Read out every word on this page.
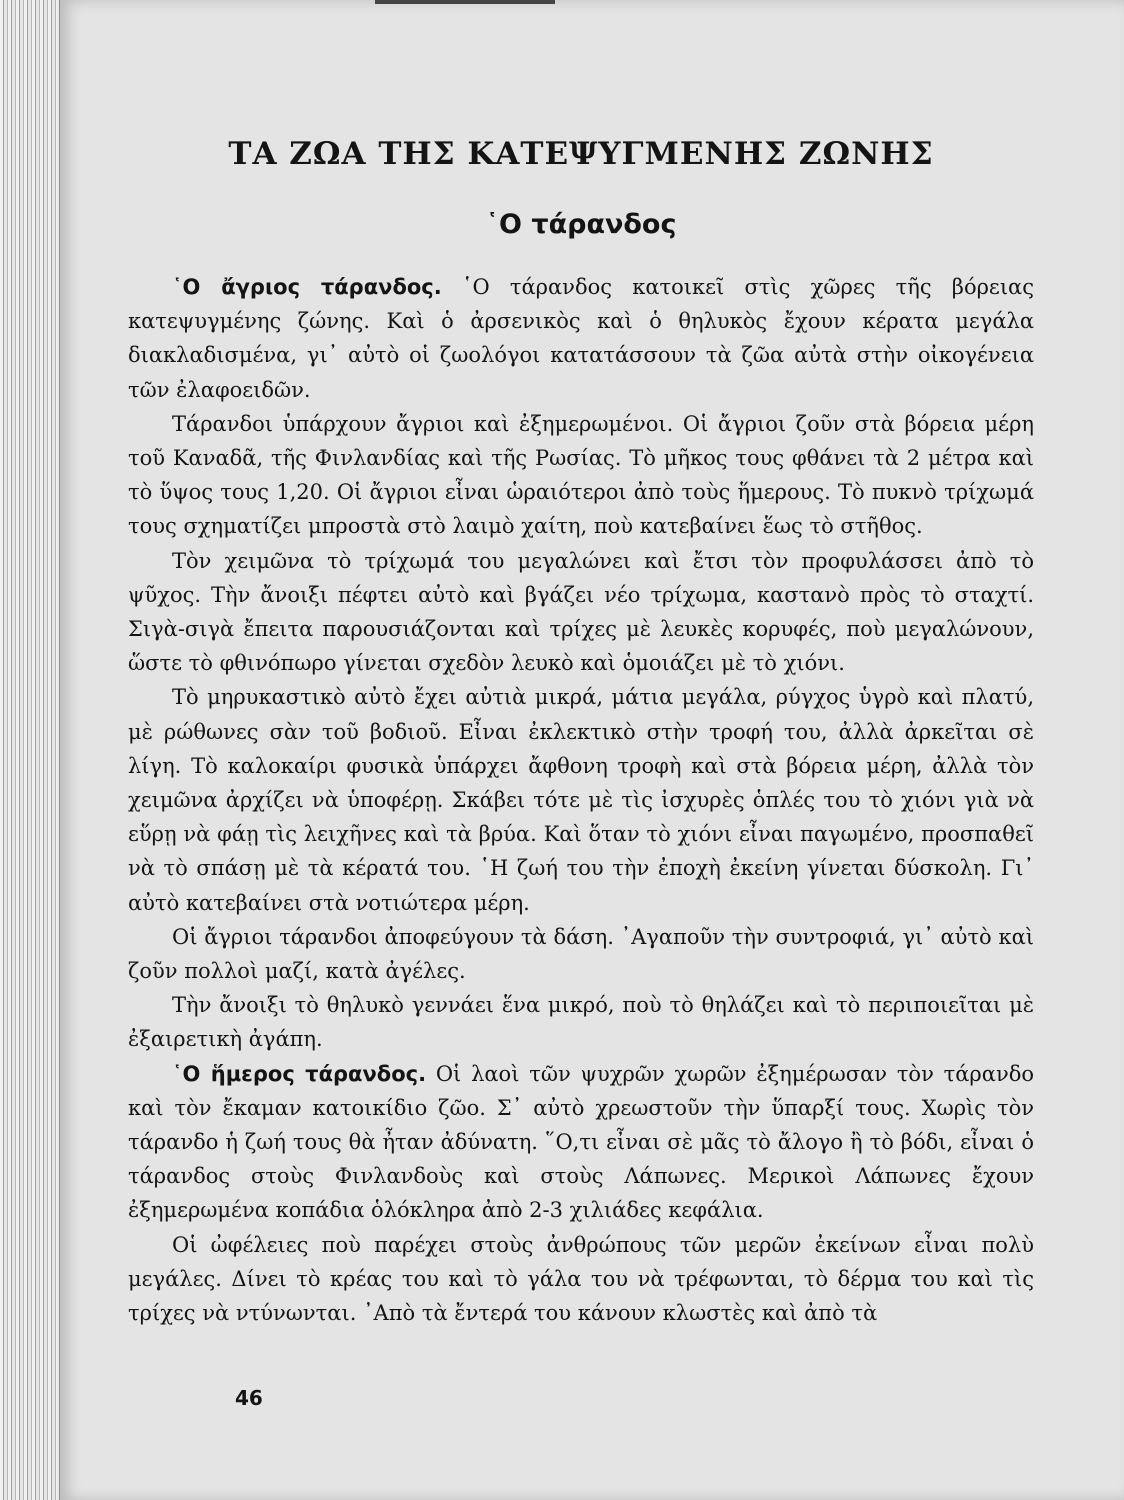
ΤΑ ΖΩΑ ΤΗΣ ΚΑΤΕΨΥΓΜΕΝΗΣ ΖΩΝΗΣ
῾Ο τάρανδος

῾Ο ἄγριος τάρανδος. ῾Ο τάρανδος κατοικεῖ στὶς χῶρες τῆς βόρειας κατεψυγμένης ζώνης. Καὶ ὁ ἀρσενικὸς καὶ ὁ θηλυκὸς ἔχουν κέρατα μεγάλα διακλαδισμένα, γι᾿ αὐτὸ οἱ ζωολόγοι κατατάσσουν τὰ ζῶα αὐτὰ στὴν οἰκογένεια τῶν ἐλαφοειδῶν.

Τάρανδοι ὑπάρχουν ἄγριοι καὶ ἐξημερωμένοι. Οἱ ἄγριοι ζοῦν στὰ βόρεια μέρη τοῦ Καναδᾶ, τῆς Φινλανδίας καὶ τῆς Ρωσίας. Τὸ μῆκος τους φθάνει τὰ 2 μέτρα καὶ τὸ ὕψος τους 1,20. Οἱ ἄγριοι εἶναι ὡραιότεροι ἀπὸ τοὺς ἥμερους. Τὸ πυκνὸ τρίχωμά τους σχηματίζει μπροστὰ στὸ λαιμὸ χαίτη, ποὺ κατεβαίνει ἕως τὸ στῆθος.

Τὸν χειμῶνα τὸ τρίχωμά του μεγαλώνει καὶ ἔτσι τὸν προφυλάσσει ἀπὸ τὸ ψῦχος. Τὴν ἄνοιξι πέφτει αὐτὸ καὶ βγάζει νέο τρίχωμα, καστανὸ πρὸς τὸ σταχτί. Σιγὰ-σιγὰ ἔπειτα παρουσιάζονται καὶ τρίχες μὲ λευκὲς κορυφές, ποὺ μεγαλώνουν, ὥστε τὸ φθινόπωρο γίνεται σχεδὸν λευκὸ καὶ ὁμοιάζει μὲ τὸ χιόνι.

Τὸ μηρυκαστικὸ αὐτὸ ἔχει αὐτιὰ μικρά, μάτια μεγάλα, ρύγχος ὑγρὸ καὶ πλατύ, μὲ ρώθωνες σὰν τοῦ βοδιοῦ. Εἶναι ἐκλεκτικὸ στὴν τροφή του, ἀλλὰ ἀρκεῖται σὲ λίγη. Τὸ καλοκαίρι φυσικὰ ὑπάρχει ἄφθονη τροφὴ καὶ στὰ βόρεια μέρη, ἀλλὰ τὸν χειμῶνα ἀρχίζει νὰ ὑποφέρῃ. Σκάβει τότε μὲ τὶς ἰσχυρὲς ὁπλές του τὸ χιόνι γιὰ νὰ εὕρῃ νὰ φάῃ τὶς λειχῆνες καὶ τὰ βρύα. Καὶ ὅταν τὸ χιόνι εἶναι παγωμένο, προσπαθεῖ νὰ τὸ σπάσῃ μὲ τὰ κέρατά του. ῾Η ζωή του τὴν ἐποχὴ ἐκείνη γίνεται δύσκολη. Γι᾿ αὐτὸ κατεβαίνει στὰ νοτιώτερα μέρη.

Οἱ ἄγριοι τάρανδοι ἀποφεύγουν τὰ δάση. ᾿Αγαποῦν τὴν συντροφιά, γι᾿ αὐτὸ καὶ ζοῦν πολλοὶ μαζί, κατὰ ἀγέλες.

Τὴν ἄνοιξι τὸ θηλυκὸ γεννάει ἕνα μικρό, ποὺ τὸ θηλάζει καὶ τὸ περιποιεῖται μὲ ἐξαιρετικὴ ἀγάπη.

῾Ο ἥμερος τάρανδος. Οἱ λαοὶ τῶν ψυχρῶν χωρῶν ἐξημέρωσαν τὸν τάρανδο καὶ τὸν ἔκαμαν κατοικίδιο ζῶο. Σ᾿ αὐτὸ χρεωστοῦν τὴν ὕπαρξί τους. Χωρὶς τὸν τάρανδο ἡ ζωή τους θὰ ἦταν ἀδύνατη. ῞Ο,τι εἶναι σὲ μᾶς τὸ ἄλογο ἢ τὸ βόδι, εἶναι ὁ τάρανδος στοὺς Φινλανδοὺς καὶ στοὺς Λάπωνες. Μερικοὶ Λάπωνες ἔχουν ἐξημερωμένα κοπάδια ὁλόκληρα ἀπὸ 2-3 χιλιάδες κεφάλια.

Οἱ ὠφέλειες ποὺ παρέχει στοὺς ἀνθρώπους τῶν μερῶν ἐκείνων εἶναι πολὺ μεγάλες. Δίνει τὸ κρέας του καὶ τὸ γάλα του νὰ τρέφωνται, τὸ δέρμα του καὶ τὶς τρίχες νὰ ντύνωνται. ᾿Απὸ τὰ ἔντερά του κάνουν κλωστὲς καὶ ἀπὸ τὰ

46
